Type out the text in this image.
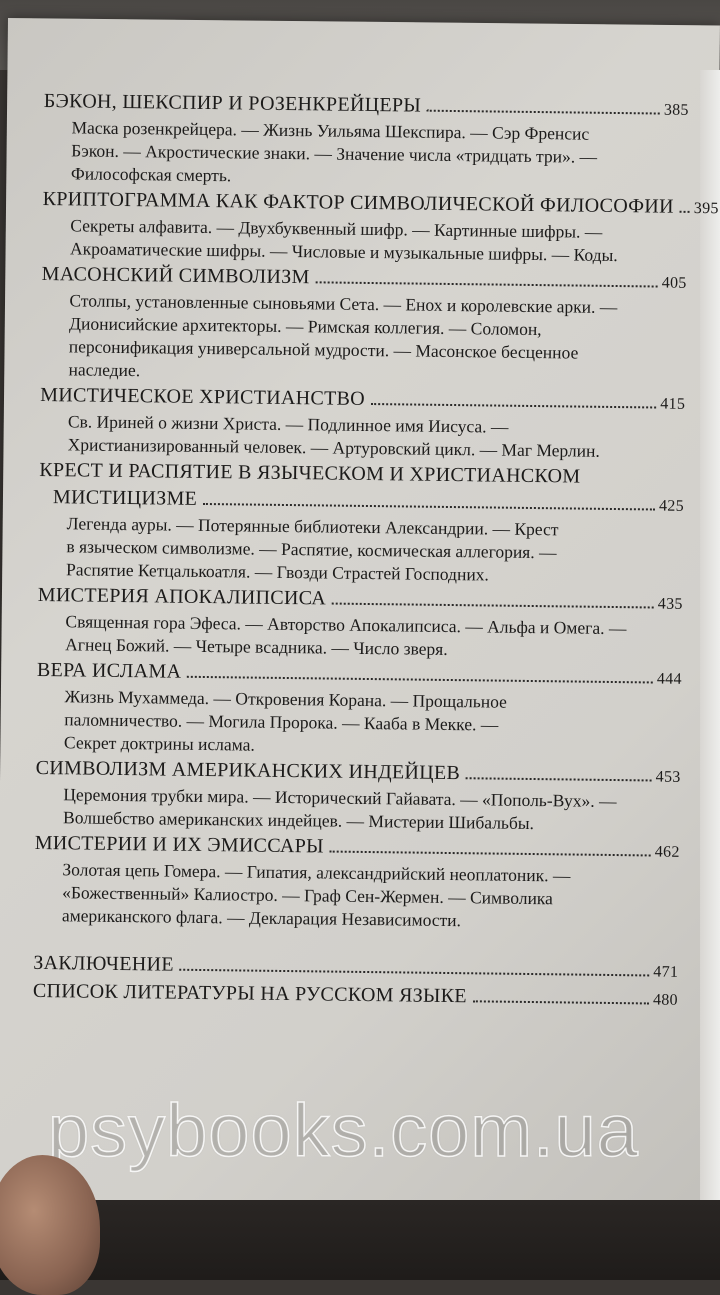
БЭКОН, ШЕКСПИР И РОЗЕНКРЕЙЦЕРЫ	385
Маска розенкрейцера. — Жизнь Уильяма Шекспира. — Сэр Френсис
Бэкон. — Акростические знаки. — Значение числа «тридцать три». —
Философская смерть.
КРИПТОГРАММА КАК ФАКТОР СИМВОЛИЧЕСКОЙ ФИЛОСОФИИ 395
Секреты алфавита. — Двухбуквенный шифр. — Картинные шифры. —
Акроаматические шифры. — Числовые и музыкальные шифры. — Коды.
МАСОНСКИЙ СИМВОЛИЗМ	405
Столпы, установленные сыновьями Сета. — Енох и королевские арки. —
Дионисийские архитекторы. — Римская коллегия. — Соломон,
персонификация универсальной мудрости. — Масонское бесценное
наследие.
МИСТИЧЕСКОЕ ХРИСТИАНСТВО	415
Св. Ириней о жизни Христа. — Подлинное имя Иисуса. —
Христианизированный человек. — Артуровский цикл. — Маг Мерлин.
КРЕСТ И РАСПЯТИЕ В ЯЗЫЧЕСКОМ И ХРИСТИАНСКОМ
МИСТИЦИЗМЕ	425
Легенда ауры. — Потерянные библиотеки Александрии. — Крест
в языческом символизме. — Распятие, космическая аллегория. —
Распятие Кетцалькоатля. — Гвозди Страстей Господних.
МИСТЕРИЯ АПОКАЛИПСИСА	435
Священная гора Эфеса. — Авторство Апокалипсиса. — Альфа и Омега. —
Агнец Божий. — Четыре всадника. — Число зверя.
ВЕРА ИСЛАМА	444
Жизнь Мухаммеда. — Откровения Корана. — Прощальное
паломничество. — Могила Пророка. — Кааба в Мекке. —
Секрет доктрины ислама.
СИМВОЛИЗМ АМЕРИКАНСКИХ ИНДЕЙЦЕВ	453
Церемония трубки мира. — Исторический Гайавата. — «Пополь-Вух». —
Волшебство американских индейцев. — Мистерии Шибальбы.
МИСТЕРИИ И ИХ ЭМИССАРЫ	462
Золотая цепь Гомера. — Гипатия, александрийский неоплатоник. —
«Божественный» Калиостро. — Граф Сен-Жермен. — Символика
американского флага. — Декларация Независимости.
ЗАКЛЮЧЕНИЕ	471
СПИСОК ЛИТЕРАТУРЫ НА РУССКОМ ЯЗЫКЕ	480
psybooks.com.ua
